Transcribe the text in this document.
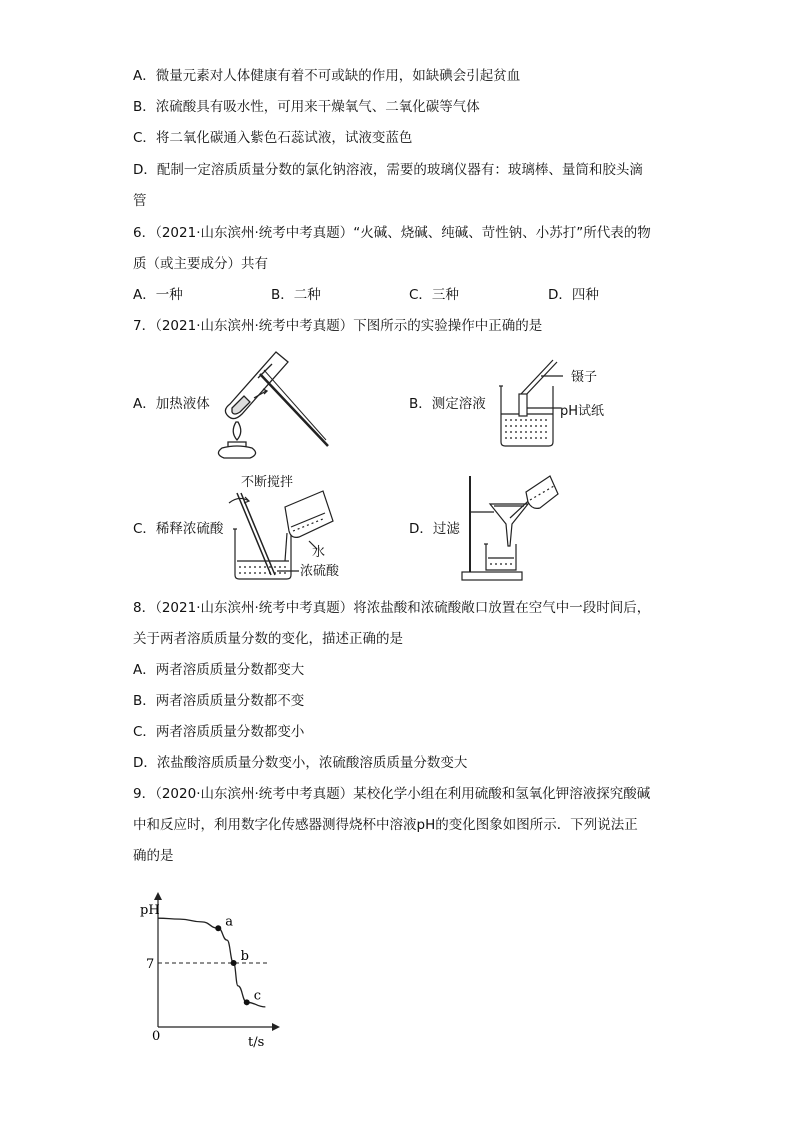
A．微量元素对人体健康有着不可或缺的作用，如缺碘会引起贫血
B．浓硫酸具有吸水性，可用来干燥氧气、二氧化碳等气体
C．将二氧化碳通入紫色石蕊试液，试液变蓝色
D．配制一定溶质质量分数的氯化钠溶液，需要的玻璃仪器有：玻璃棒、量筒和胶头滴
管
6．（2021·山东滨州·统考中考真题）“火碱、烧碱、纯碱、苛性钠、小苏打”所代表的物
质（或主要成分）共有
A．一种	B．二种	C．三种	D．四种
7．（2021·山东滨州·统考中考真题）下图所示的实验操作中正确的是
A．加热液体	B．测定溶液
镊子
pH试纸
C．稀释浓硫酸
不断搅拌
水
浓硫酸
D．过滤
8．（2021·山东滨州·统考中考真题）将浓盐酸和浓硫酸敞口放置在空气中一段时间后，
关于两者溶质质量分数的变化，描述正确的是
A．两者溶质质量分数都变大
B．两者溶质质量分数都不变
C．两者溶质质量分数都变小
D．浓盐酸溶质质量分数变小，浓硫酸溶质质量分数变大
9．（2020·山东滨州·统考中考真题）某校化学小组在利用硫酸和氢氧化钾溶液探究酸碱
中和反应时，利用数字化传感器测得烧杯中溶液pH的变化图象如图所示．下列说法正
确的是
pH
t/s
0
7
a
b
c
